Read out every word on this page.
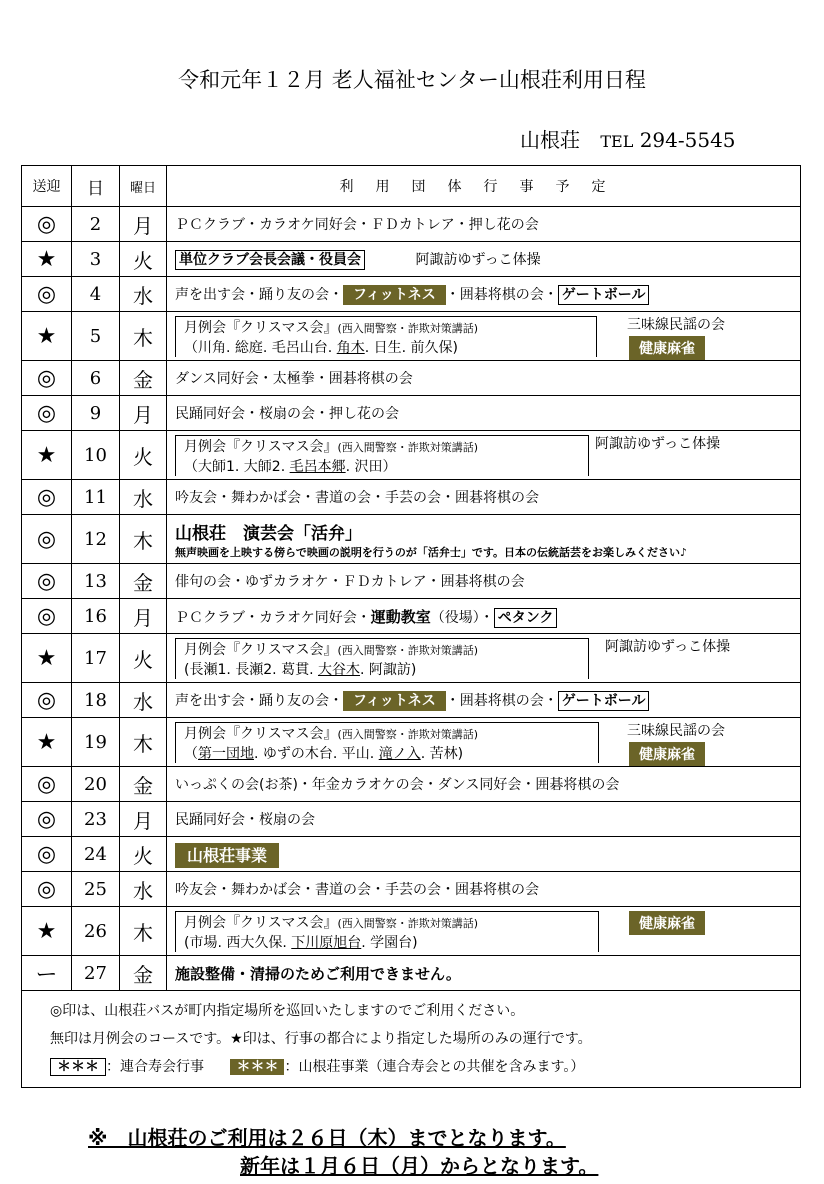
令和元年１２月 老人福祉センター山根荘利用日程
山根荘 TEL 294-5545
送迎	日	曜日	利用団体行事予定
◎	2	月	ＰＣクラブ・カラオケ同好会・ＦＤカトレア・押し花の会
★	3	火	単位クラブ会長会議・役員会 阿諏訪ゆずっこ体操
◎	4	水	声を出す会・踊り友の会・ フィットネス ・囲碁将棋の会・ ゲートボール
★	5	木	月例会『クリスマス会』(西入間警察・詐欺対策講話)
（川角. 総庭. 毛呂山台. 角木. 日生. 前久保)
三味線民謡の会
健康麻雀

◎	6	金	ダンス同好会・太極拳・囲碁将棋の会
◎	9	月	民踊同好会・桜扇の会・押し花の会
★	10	火	月例会『クリスマス会』(西入間警察・詐欺対策講話)
（大師1. 大師2. 毛呂本郷. 沢田）
阿諏訪ゆずっこ体操

◎	11	水	吟友会・舞わかば会・書道の会・手芸の会・囲碁将棋の会
◎	12	木	山根荘　演芸会「活弁」
無声映画を上映する傍らで映画の説明を行うのが「活弁士」です。日本の伝統話芸をお楽しみください♪

◎	13	金	俳句の会・ゆずカラオケ・ＦＤカトレア・囲碁将棋の会
◎	16	月	ＰＣクラブ・カラオケ同好会・運動教室（役場）・ ペタンク
★	17	火	月例会『クリスマス会』(西入間警察・詐欺対策講話)
(長瀬1. 長瀬2. 葛貫. 大谷木. 阿諏訪)
阿諏訪ゆずっこ体操

◎	18	水	声を出す会・踊り友の会・ フィットネス ・囲碁将棋の会・ ゲートボール
★	19	木	月例会『クリスマス会』(西入間警察・詐欺対策講話)
（第一団地. ゆずの木台. 平山. 滝ノ入. 苦林)
三味線民謡の会
健康麻雀

◎	20	金	いっぷくの会(お茶)・年金カラオケの会・ダンス同好会・囲碁将棋の会
◎	23	月	民踊同好会・桜扇の会
◎	24	火	山根荘事業
◎	25	水	吟友会・舞わかば会・書道の会・手芸の会・囲碁将棋の会
★	26	木	月例会『クリスマス会』(西入間警察・詐欺対策講話)
(市場. 西大久保. 下川原旭台. 学園台)
健康麻雀

ー	27	金	施設整備・清掃のためご利用できません。

◎印は、山根荘バスが町内指定場所を巡回いたしますのでご利用ください。
無印は月例会のコースです。★印は、行事の都合により指定した場所のみの運行です。
＊＊＊ ：連合寿会行事 ＊＊＊ ：山根荘事業（連合寿会との共催を含みます。）			
※　山根荘のご利用は２６日（木）までとなります。
新年は１月６日（月）からとなります。
